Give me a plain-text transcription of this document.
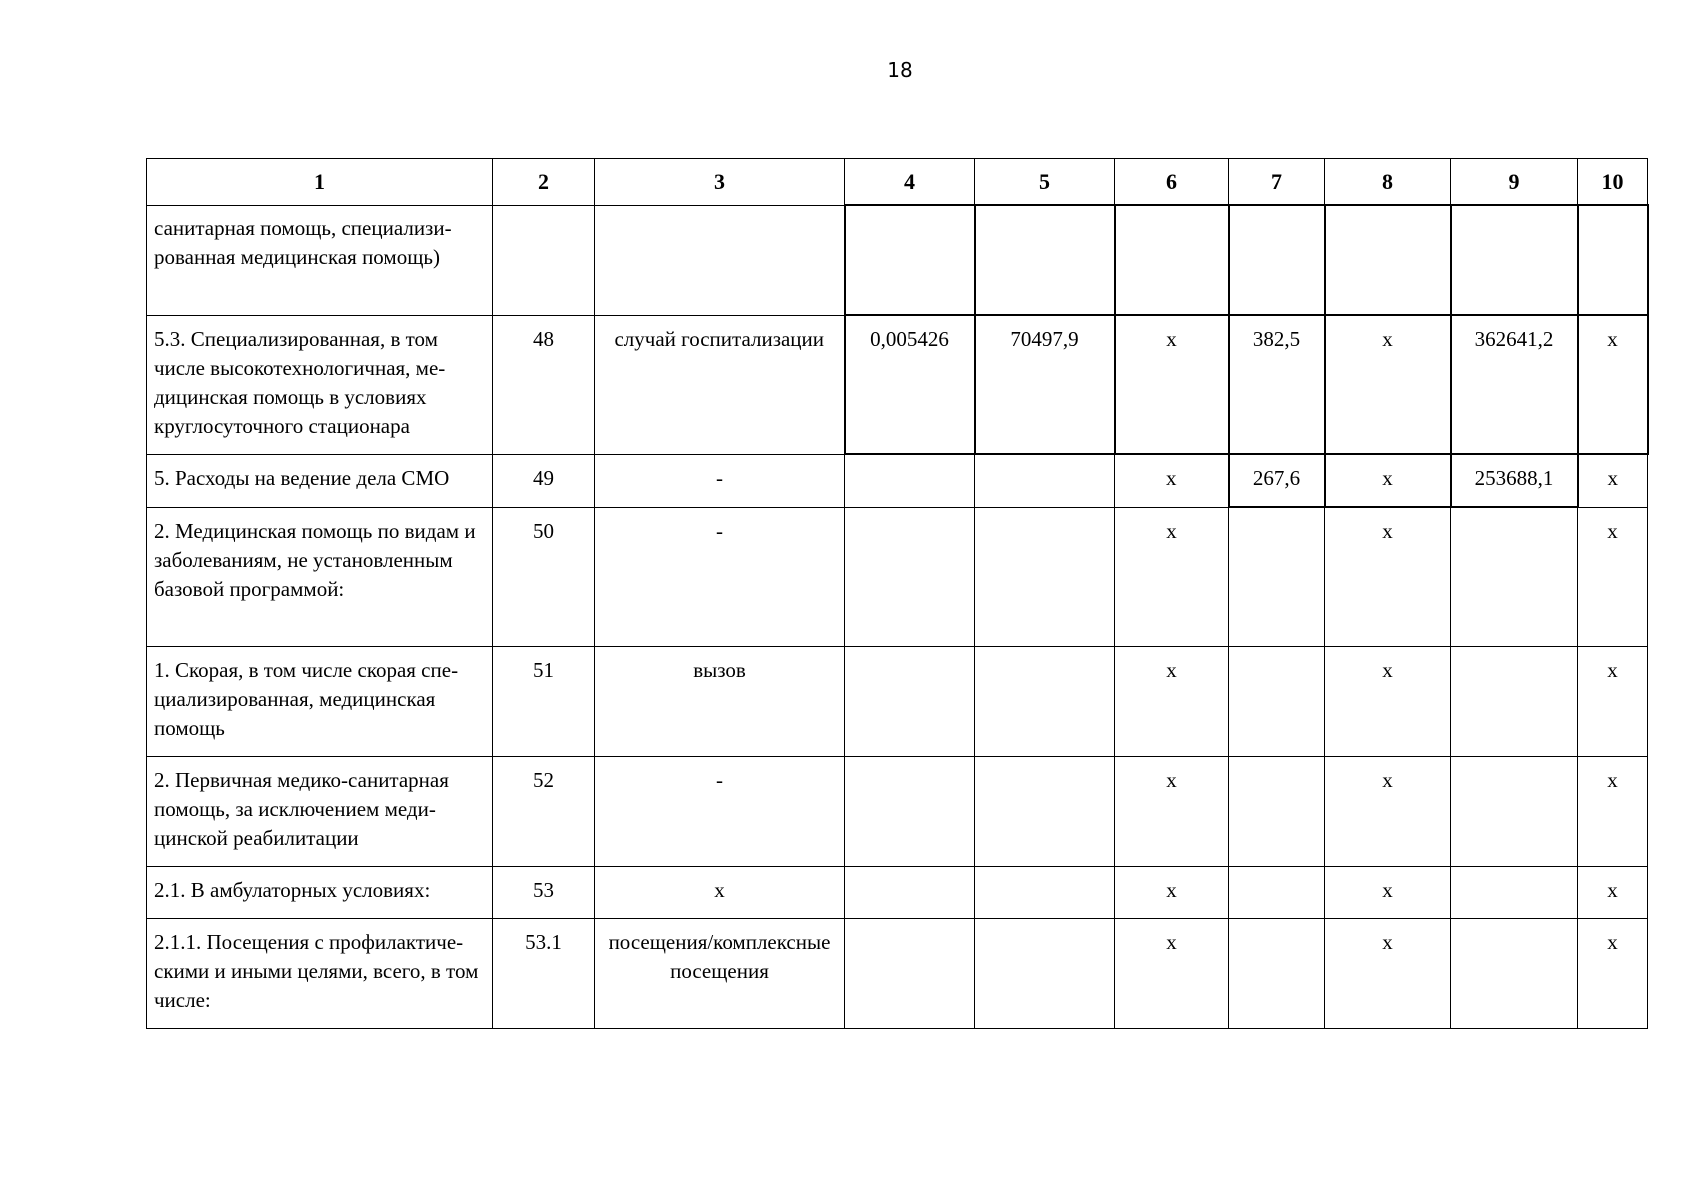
18
1	2	3	4	5	6	7	8	9	10
санитарная помощь, специализи-рованная медицинская помощь)									
5.3. Специализированная, в том числе высокотехнологичная, ме-дицинская помощь в условиях круглосуточного стационара	48	случай госпитализации	0,005426	70497,9	х	382,5	х	362641,2	х
5. Расходы на ведение дела СМО	49	-			х	267,6	х	253688,1	х
2. Медицинская помощь по видам и заболеваниям, не установленным базовой программой:	50	-			х		х		х
1. Скорая, в том числе скорая спе-циализированная, медицинская помощь	51	вызов			х		х		х
2. Первичная медико-санитарная помощь, за исключением меди-цинской реабилитации	52	-			х		х		х
2.1. В амбулаторных условиях:	53	х			х		х		х
2.1.1. Посещения с профилактиче-скими и иными целями, всего, в том числе:	53.1	посещения/комплексные посещения			х		х		х
